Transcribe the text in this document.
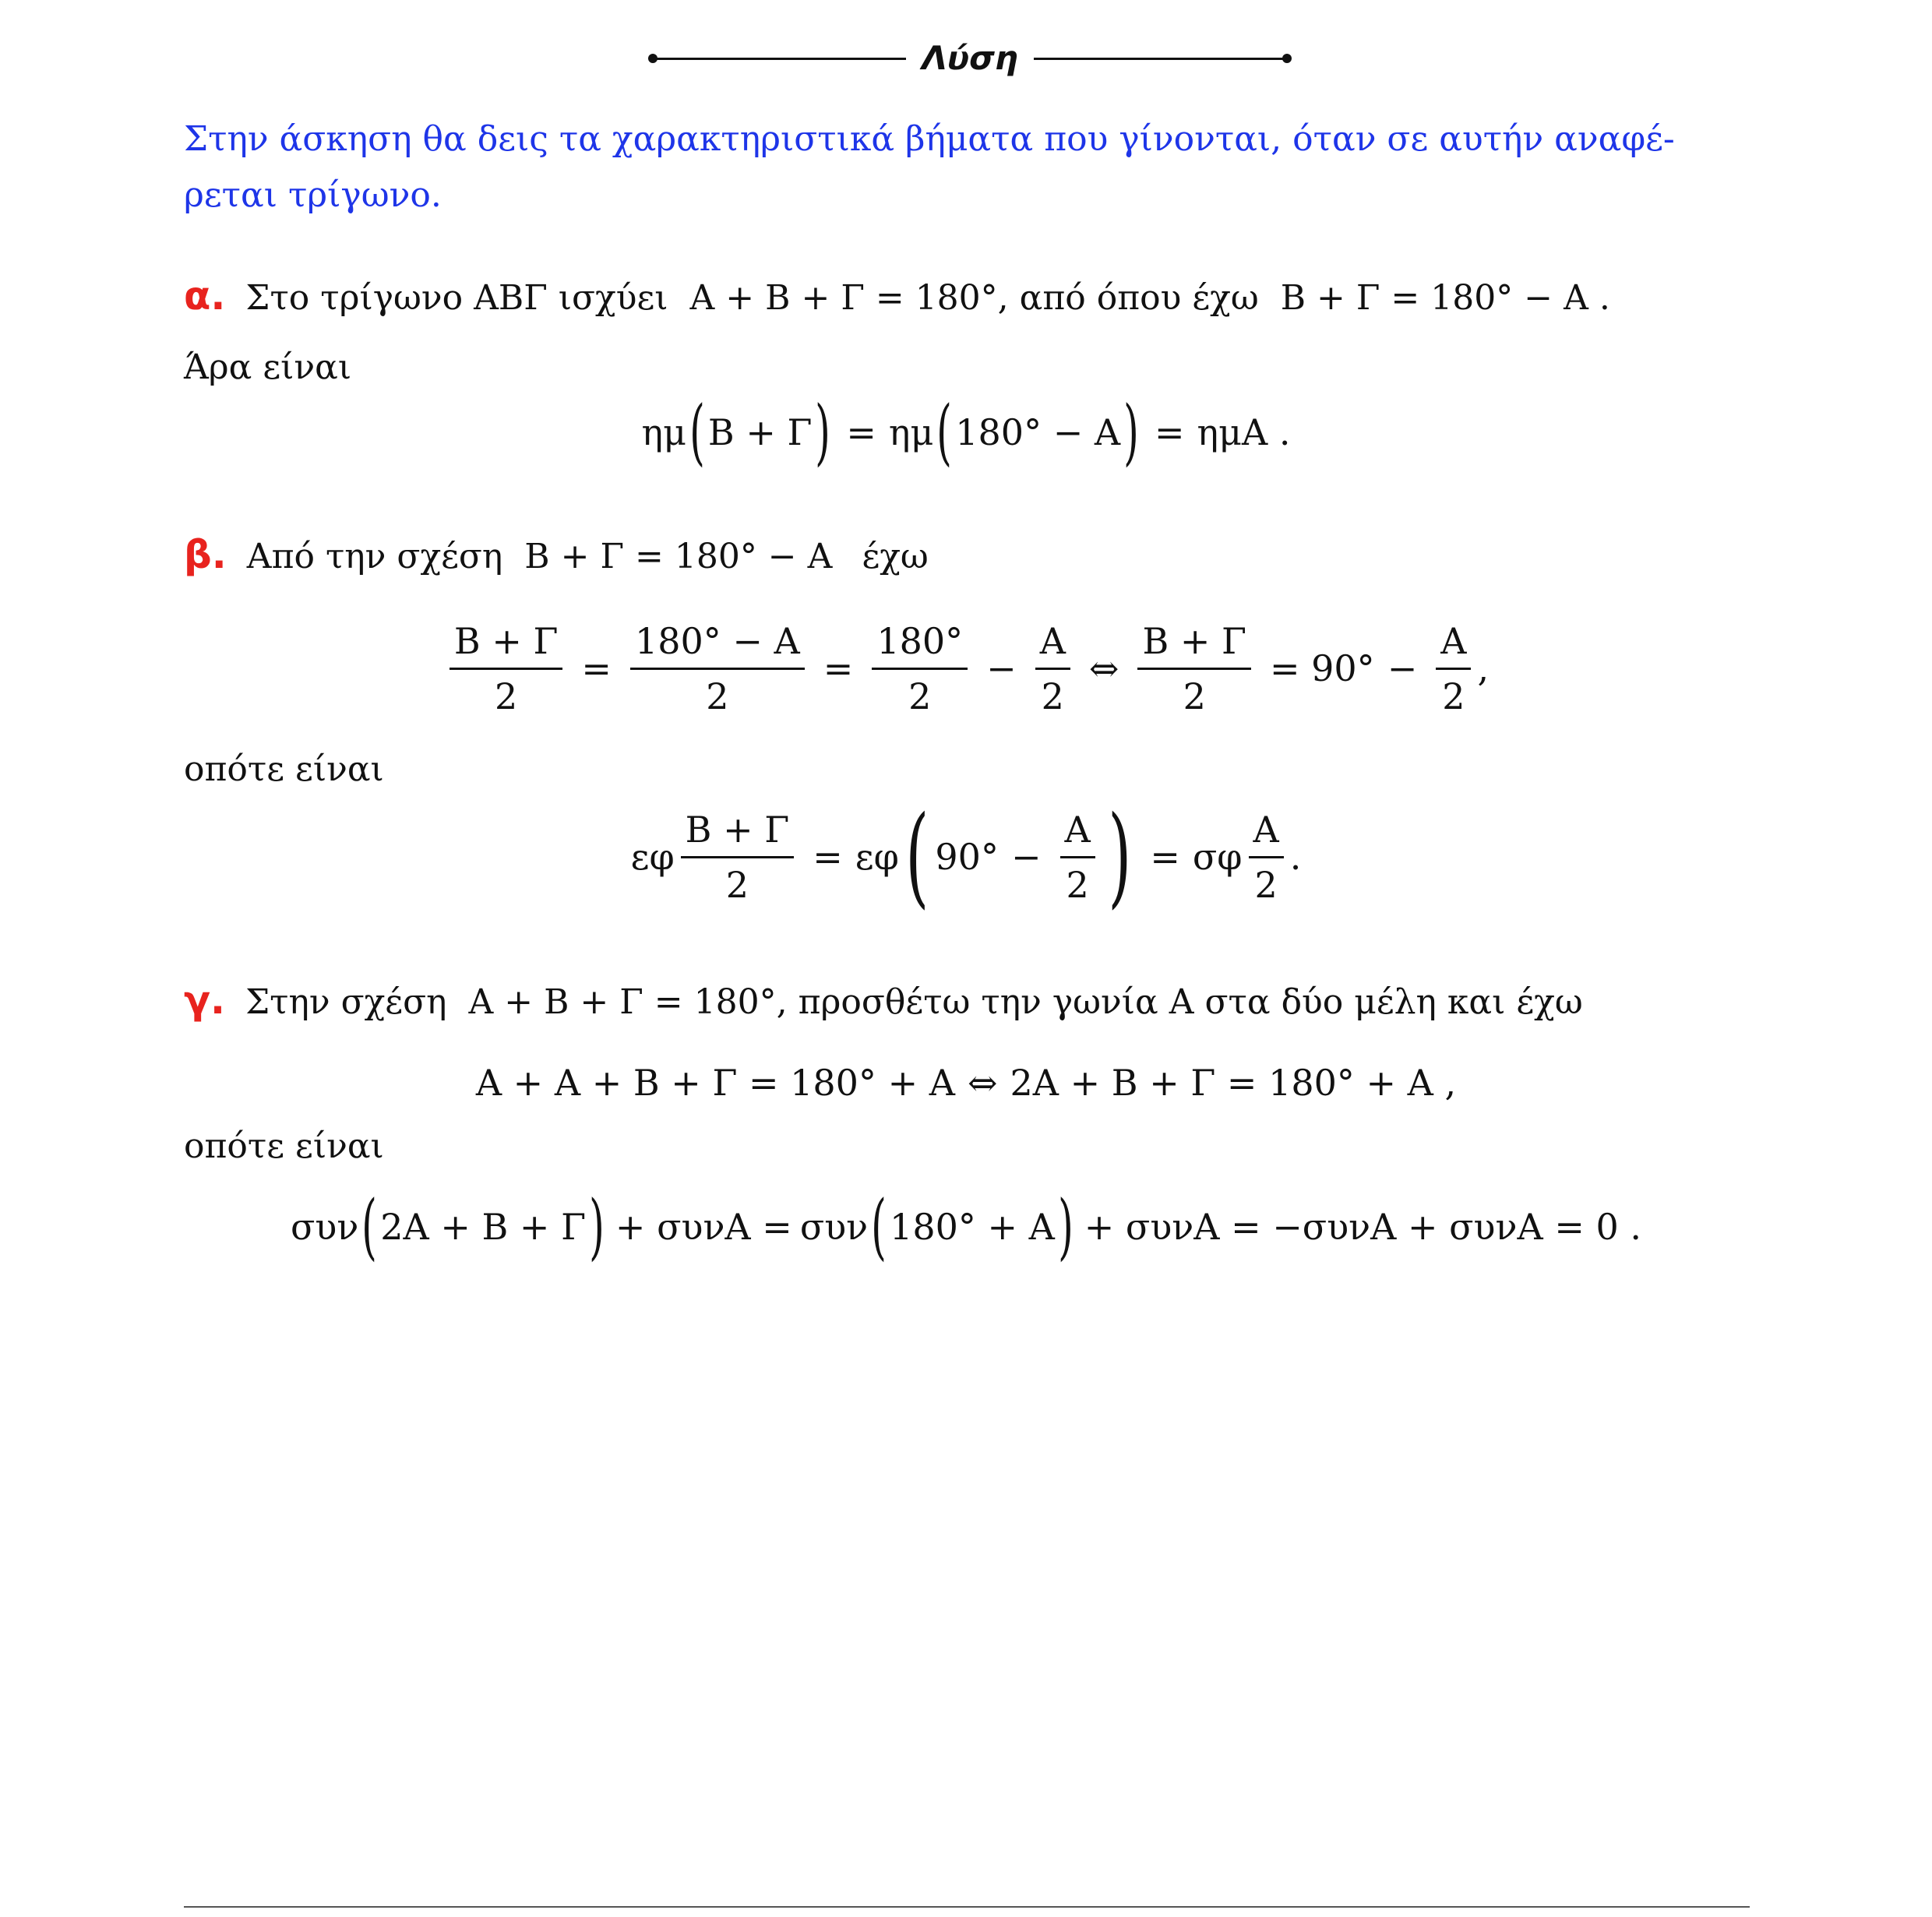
Λύση
Στην άσκηση θα δεις τα χαρακτηριστικά βήματα που γίνονται, όταν σε αυτήν αναφέ-ρεται τρίγωνο.
α. Στο τρίγωνο ΑΒΓ ισχύει Α + Β + Γ = 180°, από όπου έχω Β + Γ = 180° − Α .
Άρα είναι
ημ ( Β + Γ ) = ημ ( 180° − Α ) = ημΑ .
β. Από την σχέση Β + Γ = 180° − Α έχω
$\frac{B + \Gamma}{2} = \frac{180^\circ - A}{2} = \frac{180^\circ}{2} - \frac{A}{2}$ ⇔ $\frac{B + \Gamma}{2} = 90^\circ - \frac{A}{2}$ ,
οπότε είναι
εφ $\frac{B + \Gamma}{2} = \varepsilon\varphi$ ( $90^\circ - \frac{A}{2}$ ) = σφ $\frac{A}{2}$ .
γ. Στην σχέση Α + Β + Γ = 180°, προσθέτω την γωνία Α στα δύο μέλη και έχω
Α + Α + Β + Γ = 180° + Α ⇔ 2Α + Β + Γ = 180° + Α ,
οπότε είναι
συν ( 2Α + Β + Γ ) + συνΑ = συν ( 180° + Α ) + συνΑ = −συνΑ + συνΑ = 0 .
